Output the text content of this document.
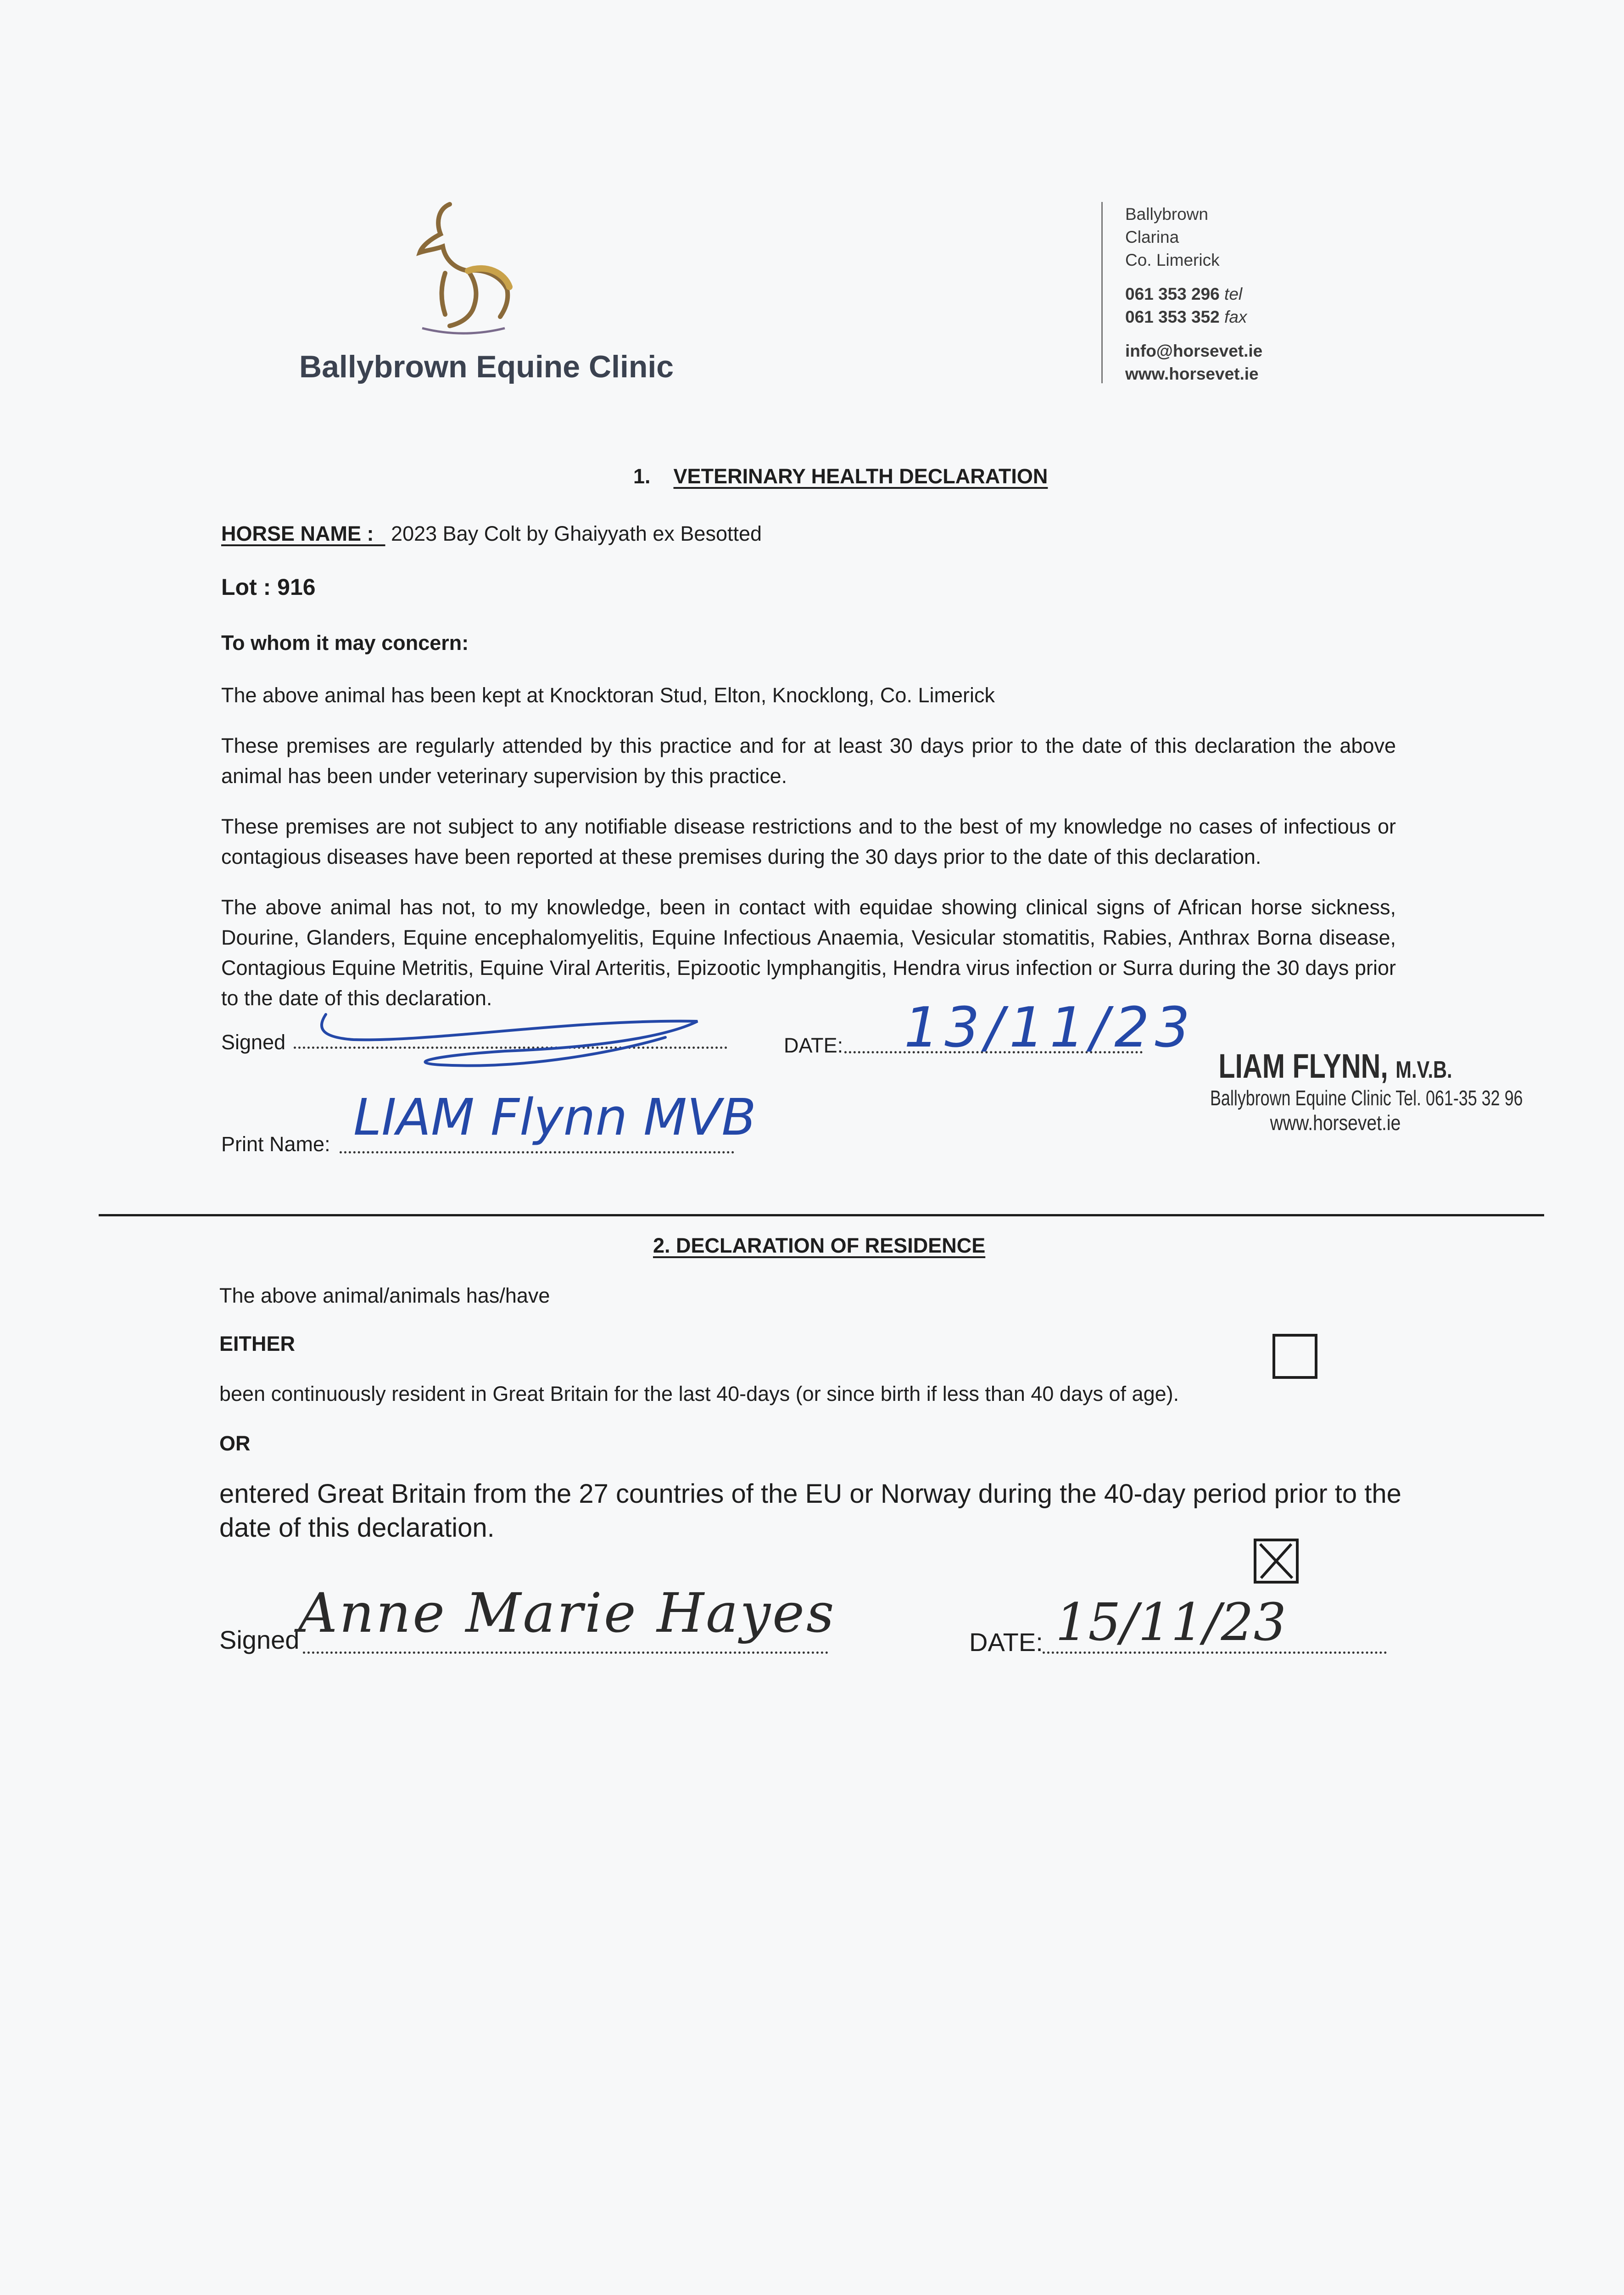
Ballybrown Equine Clinic
Ballybrown
Clarina
Co. Limerick
061 353 296 tel
061 353 352 fax
info@horsevet.ie
www.horsevet.ie
1. VETERINARY HEALTH DECLARATION
HORSE NAME : 2023 Bay Colt by Ghaiyyath ex Besotted
Lot : 916
To whom it may concern:
The above animal has been kept at Knocktoran Stud, Elton, Knocklong, Co. Limerick
These premises are regularly attended by this practice and for at least 30 days prior to the date of this declaration the above animal has been under veterinary supervision by this practice.
These premises are not subject to any notifiable disease restrictions and to the best of my knowledge no cases of infectious or contagious diseases have been reported at these premises during the 30 days prior to the date of this declaration.
The above animal has not, to my knowledge, been in contact with equidae showing clinical signs of African horse sickness, Dourine, Glanders, Equine encephalomyelitis, Equine Infectious Anaemia, Vesicular stomatitis, Rabies, Anthrax Borna disease, Contagious Equine Metritis, Equine Viral Arteritis, Epizootic lymphangitis, Hendra virus infection or Surra during the 30 days prior to the date of this declaration.
Signed	DATE: 13/11/23
Print Name: LIAM Flynn MVB
LIAM FLYNN, M.V.B.
Ballybrown Equine Clinic Tel. 061-35 32 96
www.horsevet.ie
2. DECLARATION OF RESIDENCE
The above animal/animals has/have
EITHER
been continuously resident in Great Britain for the last 40-days (or since birth if less than 40 days of age).
OR
entered Great Britain from the 27 countries of the EU or Norway during the 40-day period prior to the date of this declaration.
Signed
Anne Marie Hayes	DATE: 15/11/23
